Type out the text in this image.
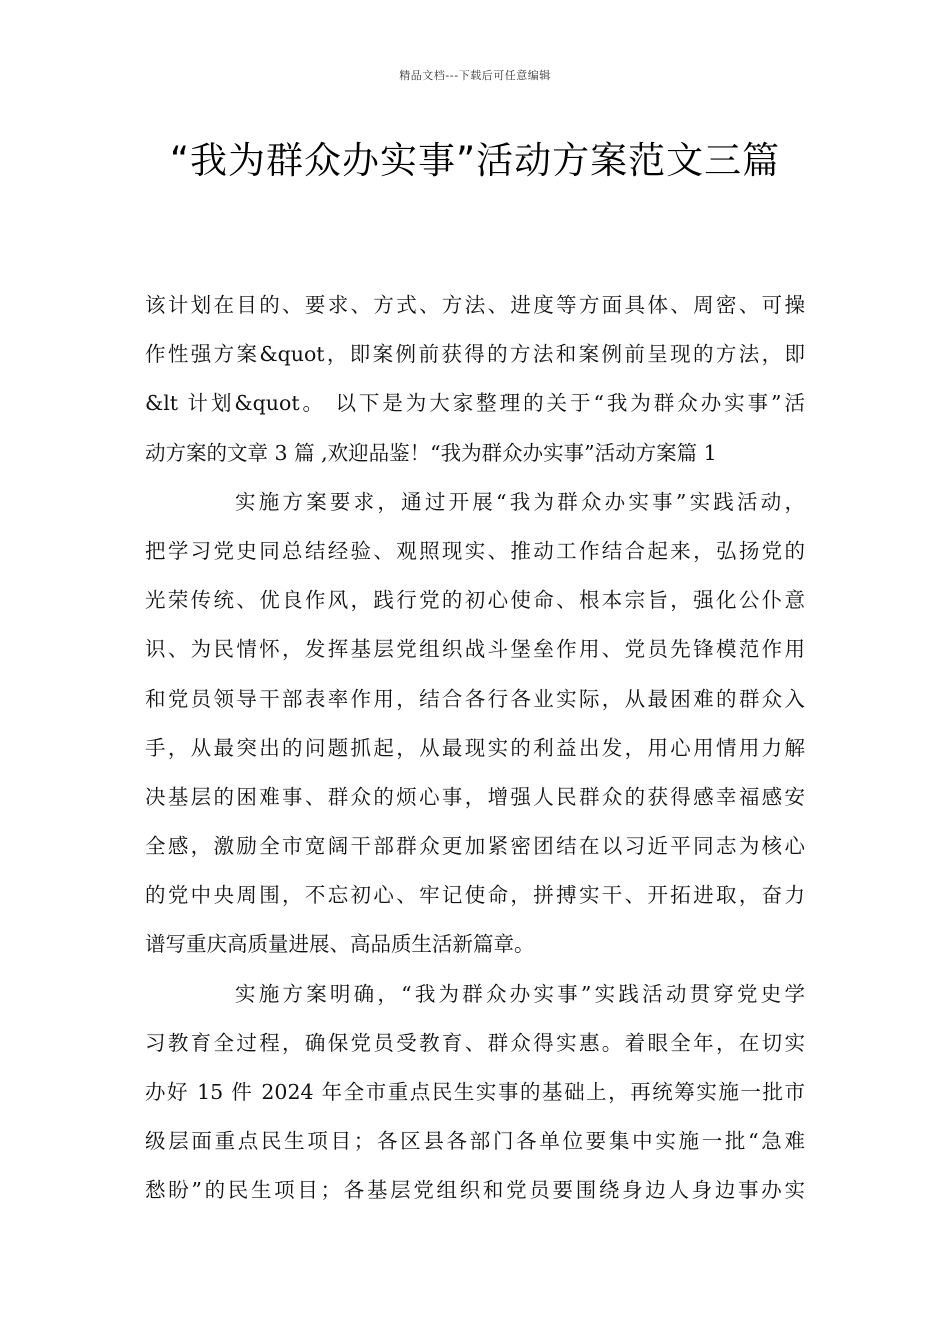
精品文档---下载后可任意编辑
“我为群众办实事”活动方案范文三篇
该计划在目的、要求、方式、方法、进度等方面具体、周密、可操
作性强方案&quot，即案例前获得的方法和案例前呈现的方法，即
&lt 计划&quot。 以下是为大家整理的关于“我为群众办实事”活
动方案的文章 3 篇 ,欢迎品鉴！“我为群众办实事”活动方案篇 1
实施方案要求，通过开展“我为群众办实事”实践活动，
把学习党史同总结经验、观照现实、推动工作结合起来，弘扬党的
光荣传统、优良作风，践行党的初心使命、根本宗旨，强化公仆意
识、为民情怀，发挥基层党组织战斗堡垒作用、党员先锋模范作用
和党员领导干部表率作用，结合各行各业实际，从最困难的群众入
手，从最突出的问题抓起，从最现实的利益出发，用心用情用力解
决基层的困难事、群众的烦心事，增强人民群众的获得感幸福感安
全感，激励全市宽阔干部群众更加紧密团结在以习近平同志为核心
的党中央周围，不忘初心、牢记使命，拼搏实干、开拓进取，奋力
谱写重庆高质量进展、高品质生活新篇章。
实施方案明确，“我为群众办实事”实践活动贯穿党史学
习教育全过程，确保党员受教育、群众得实惠。着眼全年，在切实
办好 15 件 2024 年全市重点民生实事的基础上，再统筹实施一批市
级层面重点民生项目；各区县各部门各单位要集中实施一批“急难
愁盼”的民生项目；各基层党组织和党员要围绕身边人身边事办实
